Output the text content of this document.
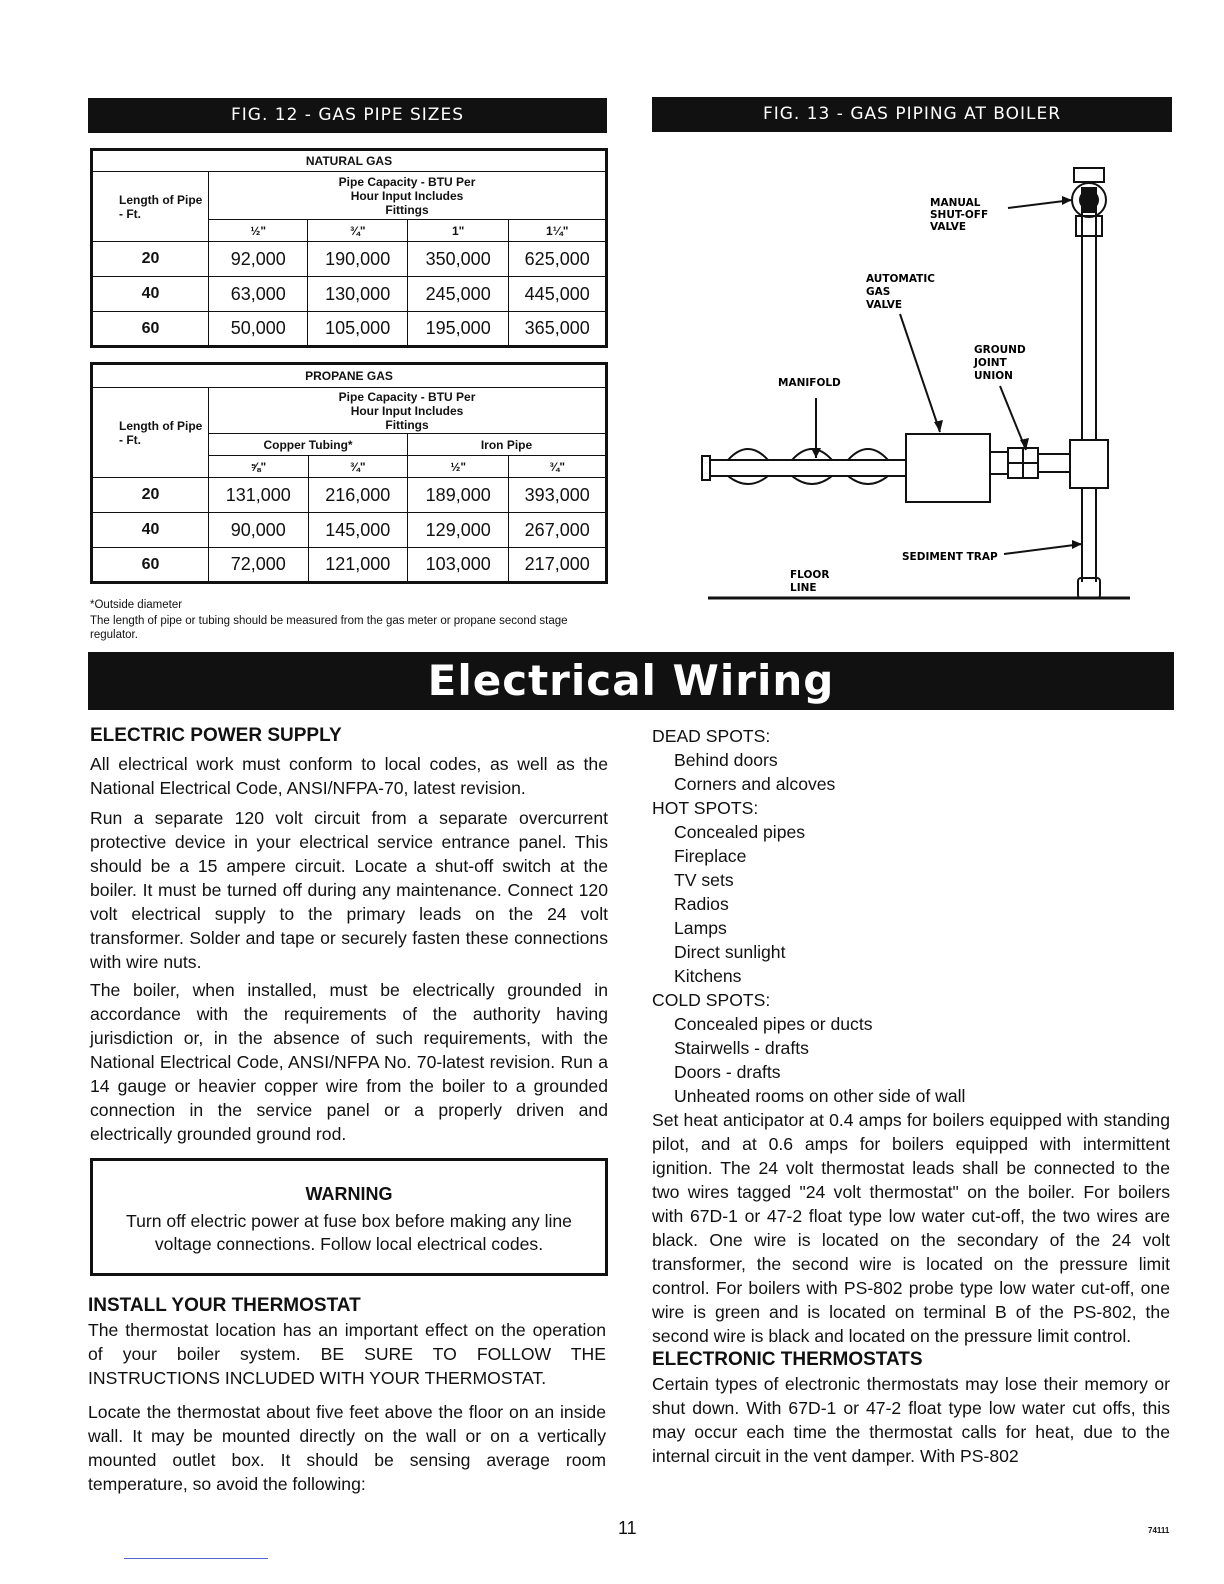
FIG. 12 - GAS PIPE SIZES
NATURAL GAS				
Length of Pipe - Ft.	Pipe Capacity - BTU Per Hour Input Includes Fittings			
	½"	¾"	1"	1¼"
20	92,000	190,000	350,000	625,000
40	63,000	130,000	245,000	445,000
60	50,000	105,000	195,000	365,000
PROPANE GAS				
Length of Pipe - Ft.	Pipe Capacity - BTU Per Hour Input Includes Fittings			
	Copper Tubing*		Iron Pipe	
	⅝"	¾"	½"	¾"
20	131,000	216,000	189,000	393,000
40	90,000	145,000	129,000	267,000
60	72,000	121,000	103,000	217,000
*Outside diameter
The length of pipe or tubing should be measured from the gas meter or propane second stage regulator.
FIG. 13 - GAS PIPING AT BOILER
MANUAL
SHUT-OFF
VALVE
AUTOMATIC
GAS
VALVE
GROUND
JOINT
UNION
MANIFOLD
SEDIMENT TRAP
FLOOR
LINE
Electrical Wiring
ELECTRIC POWER SUPPLY

All electrical work must conform to local codes, as well as the National Electrical Code, ANSI/NFPA-70, latest revision.

Run a separate 120 volt circuit from a separate overcurrent protective device in your electrical service entrance panel. This should be a 15 ampere circuit. Locate a shut-off switch at the boiler. It must be turned off during any maintenance. Connect 120 volt electrical supply to the primary leads on the 24 volt transformer. Solder and tape or securely fasten these connections with wire nuts.

The boiler, when installed, must be electrically grounded in accordance with the requirements of the authority having jurisdiction or, in the absence of such requirements, with the National Electrical Code, ANSI/NFPA No. 70-latest revision. Run a 14 gauge or heavier copper wire from the boiler to a grounded connection in the service panel or a properly driven and electrically grounded ground rod.

WARNING
Turn off electric power at fuse box before making any line voltage connections. Follow local electrical codes.
INSTALL YOUR THERMOSTAT

The thermostat location has an important effect on the operation of your boiler system. BE SURE TO FOLLOW THE INSTRUCTIONS INCLUDED WITH YOUR THERMOSTAT.

Locate the thermostat about five feet above the floor on an inside wall. It may be mounted directly on the wall or on a vertically mounted outlet box. It should be sensing average room temperature, so avoid the following:

DEAD SPOTS:
Behind doors
Corners and alcoves
HOT SPOTS:
Concealed pipes
Fireplace
TV sets
Radios
Lamps
Direct sunlight
Kitchens
COLD SPOTS:
Concealed pipes or ducts
Stairwells - drafts
Doors - drafts
Unheated rooms on other side of wall

Set heat anticipator at 0.4 amps for boilers equipped with standing pilot, and at 0.6 amps for boilers equipped with intermittent ignition. The 24 volt thermostat leads shall be connected to the two wires tagged "24 volt thermostat" on the boiler. For boilers with 67D-1 or 47-2 float type low water cut-off, the two wires are black. One wire is located on the secondary of the 24 volt transformer, the second wire is located on the pressure limit control. For boilers with PS-802 probe type low water cut-off, one wire is green and is located on terminal B of the PS-802, the second wire is black and located on the pressure limit control.

ELECTRONIC THERMOSTATS

Certain types of electronic thermostats may lose their memory or shut down. With 67D-1 or 47-2 float type low water cut offs, this may occur each time the thermostat calls for heat, due to the internal circuit in the vent damper. With PS-802

11	74111
